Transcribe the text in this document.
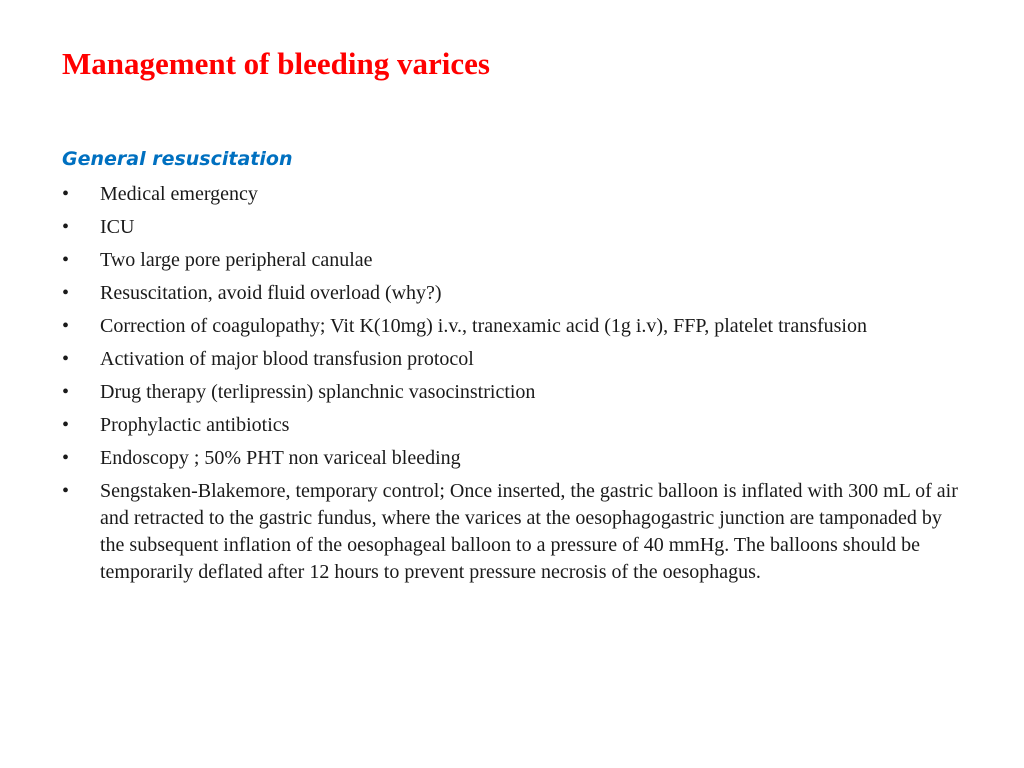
Management of bleeding varices
General resuscitation
•	Medical emergency
•	ICU
•	Two large pore peripheral canulae
•	Resuscitation, avoid fluid overload (why?)
•	Correction of coagulopathy; Vit K(10mg) i.v., tranexamic acid (1g i.v), FFP, platelet transfusion
•	Activation of major blood transfusion protocol
•	Drug therapy (terlipressin) splanchnic vasocinstriction
•	Prophylactic antibiotics
•	Endoscopy ; 50% PHT non variceal bleeding
•	Sengstaken-Blakemore, temporary control; Once inserted, the gastric balloon is inflated with 300 mL of air and retracted to the gastric fundus, where the varices at the oesophagogastric junction are tamponaded by the subsequent inflation of the oesophageal balloon to a pressure of 40 mmHg. The balloons should be temporarily deflated after 12 hours to prevent pressure necrosis of the oesophagus.
